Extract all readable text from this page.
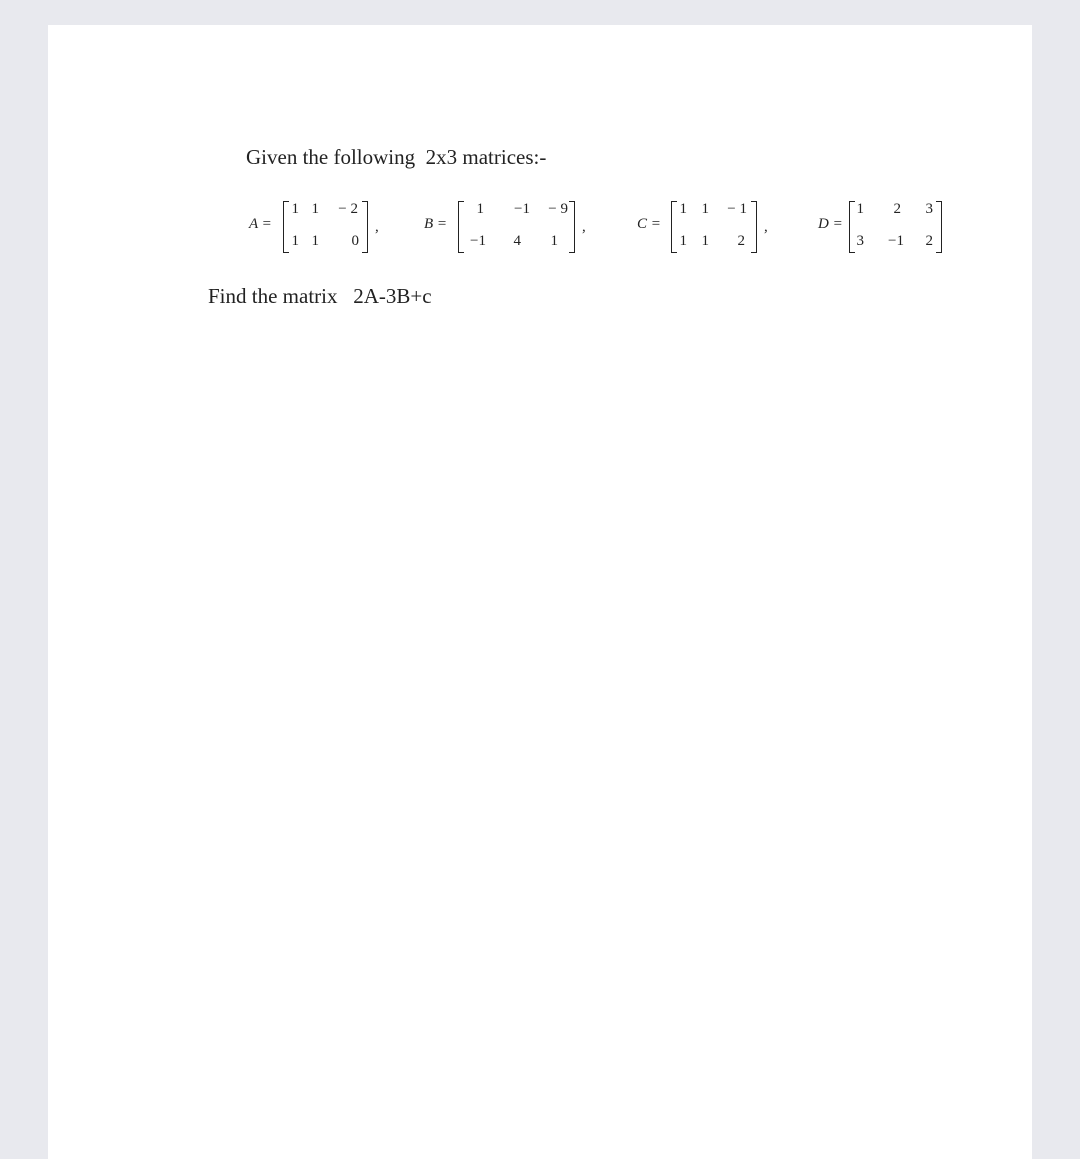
Given the following  2x3 matrices:-
A =
1 1	− 2
1 1	0
,	B =
1	−1	− 9
−1	4	1
,	C =
1 1	− 1
1 1	2
,	D =
1	2	3
3	−1	2
Find the matrix   2A-3B+c
